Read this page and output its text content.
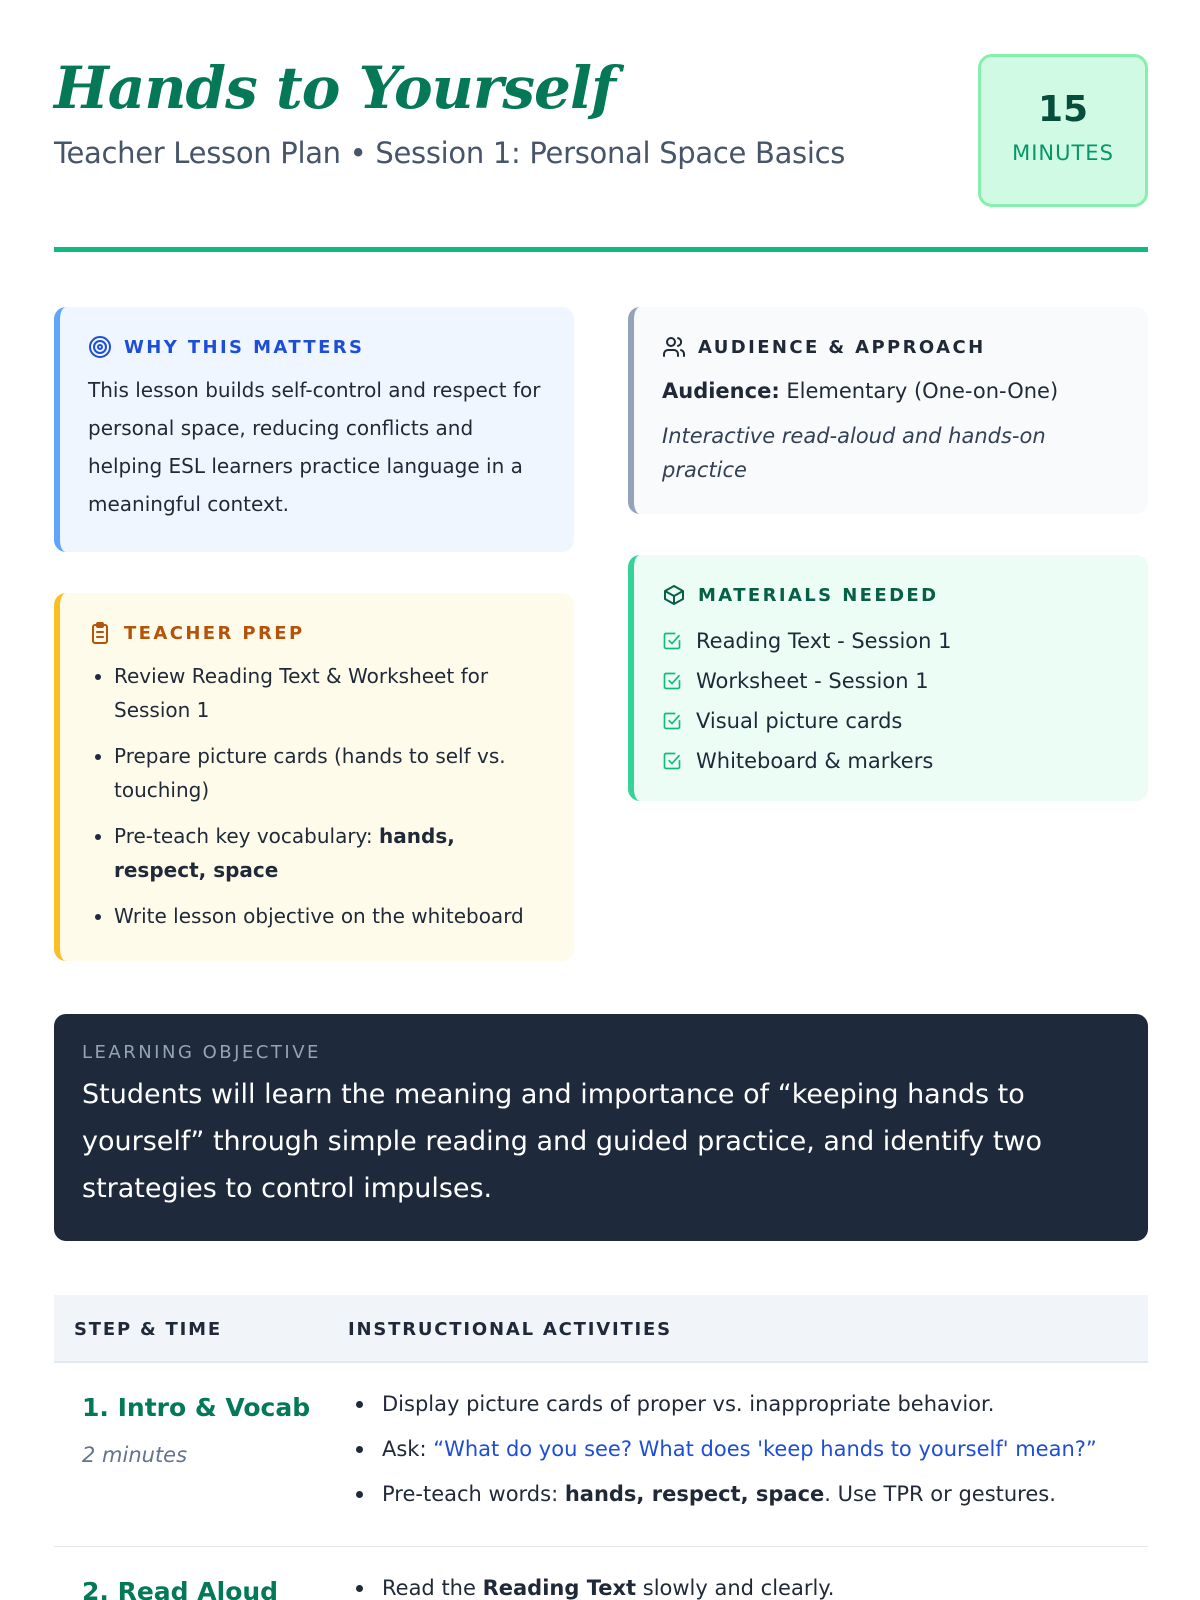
Hands to Yourself
Teacher Lesson Plan • Session 1: Personal Space Basics
15
MINUTES
WHY THIS MATTERS

This lesson builds self-control and respect for personal space, reducing conflicts and helping ESL learners practice language in a meaningful context.

AUDIENCE & APPROACH
Audience: Elementary (One-on-One)
Interactive read-aloud and hands-on practice
MATERIALS NEEDED
Reading Text - Session 1
Worksheet - Session 1
Visual picture cards
Whiteboard & markers
TEACHER PREP
• Review Reading Text & Worksheet for Session 1
• Prepare picture cards (hands to self vs. touching)
• Pre-teach key vocabulary: hands, respect, space
• Write lesson objective on the whiteboard
LEARNING OBJECTIVE
Students will learn the meaning and importance of “keeping hands to yourself” through simple reading and guided practice, and identify two strategies to control impulses.
STEP & TIME	INSTRUCTIONAL ACTIVITIES
1. Intro & Vocab
2 minutes
Display picture cards of proper vs. inappropriate behavior.
Ask: “What do you see? What does 'keep hands to yourself' mean?”
Pre-teach words: hands, respect, space. Use TPR or gestures.
2. Read Aloud	Read the Reading Text slowly and clearly.
